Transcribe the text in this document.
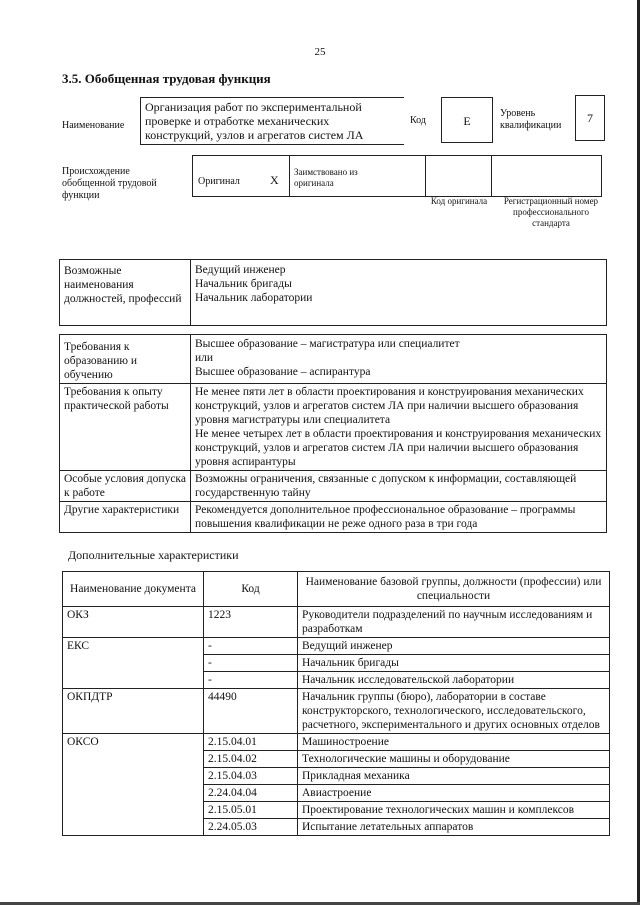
25
3.5. Обобщенная трудовая функция
Наименование
Организация работ по экспериментальной проверке и отработке механических конструкций, узлов и агрегатов систем ЛА
Код	E
Уровень квалификации
7
Происхождение обобщенной трудовой функции
Оригинал	X
Заимствовано из оригинала
Код оригинала	Регистрационный номер профессионального стандарта
Возможные наименования должностей, профессий	
Ведущий инженер
Начальник бригады
Начальник лаборатории
Требования к образованию и обучению	Высшее образование – магистратура или специалитет
или
Высшее образование – аспирантура

Требования к опыту практической работы	Не менее пяти лет в области проектирования и конструирования механических конструкций, узлов и агрегатов систем ЛА при наличии высшего образования уровня магистратуры или специалитета
Не менее четырех лет в области проектирования и конструирования механических конструкций, узлов и агрегатов систем ЛА при наличии высшего образования уровня аспирантуры

Особые условия допуска к работе	Возможны ограничения, связанные с допуском к информации, составляющей государственную тайну

Другие характеристики	Рекомендуется дополнительное профессиональное образование – программы повышения квалификации не реже одного раза в три года
Дополнительные характеристики
Наименование документа	Код	Наименование базовой группы, должности (профессии) или специальности
ОКЗ	1223	Руководители подразделений по научным исследованиям и разработкам
ЕКС	-	Ведущий инженер
	-	Начальник бригады
	-	Начальник исследовательской лаборатории
ОКПДТР	44490	Начальник группы (бюро), лаборатории в составе конструкторского, технологического, исследовательского, расчетного, экспериментального и других основных отделов
ОКСО	2.15.04.01	Машиностроение
	2.15.04.02	Технологические машины и оборудование
	2.15.04.03	Прикладная механика
	2.24.04.04	Авиастроение
	2.15.05.01	Проектирование технологических машин и комплексов
	2.24.05.03	Испытание летательных аппаратов
